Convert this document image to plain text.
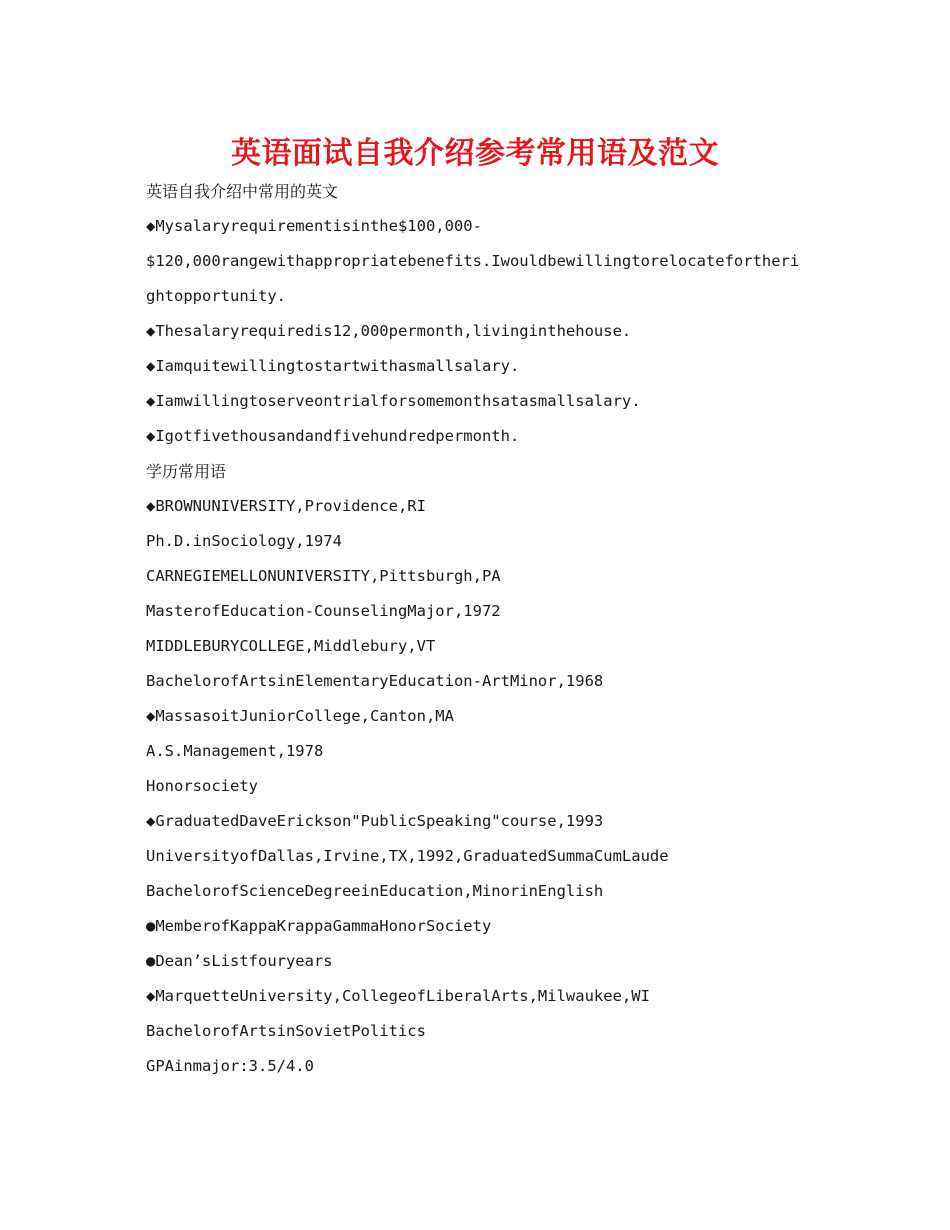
英语面试自我介绍参考常用语及范文
英语自我介绍中常用的英文
◆Mysalaryrequirementisinthe$100,000-
$120,000rangewithappropriatebenefits.Iwouldbewillingtorelocatefortheri
ghtopportunity.
◆Thesalaryrequiredis12,000permonth,livinginthehouse.
◆Iamquitewillingtostartwithasmallsalary.
◆Iamwillingtoserveontrialforsomemonthsatasmallsalary.
◆Igotfivethousandandfivehundredpermonth.
学历常用语
◆BROWNUNIVERSITY,Providence,RI
Ph.D.inSociology,1974
CARNEGIEMELLONUNIVERSITY,Pittsburgh,PA
MasterofEducation-CounselingMajor,1972
MIDDLEBURYCOLLEGE,Middlebury,VT
BachelorofArtsinElementaryEducation-ArtMinor,1968
◆MassasoitJuniorCollege,Canton,MA
A.S.Management,1978
Honorsociety
◆GraduatedDaveErickson"PublicSpeaking"course,1993
UniversityofDallas,Irvine,TX,1992,GraduatedSummaCumLaude
BachelorofScienceDegreeinEducation,MinorinEnglish
●MemberofKappaKrappaGammaHonorSociety
●Dean’sListfouryears
◆MarquetteUniversity,CollegeofLiberalArts,Milwaukee,WI
BachelorofArtsinSovietPolitics
GPAinmajor:3.5/4.0
